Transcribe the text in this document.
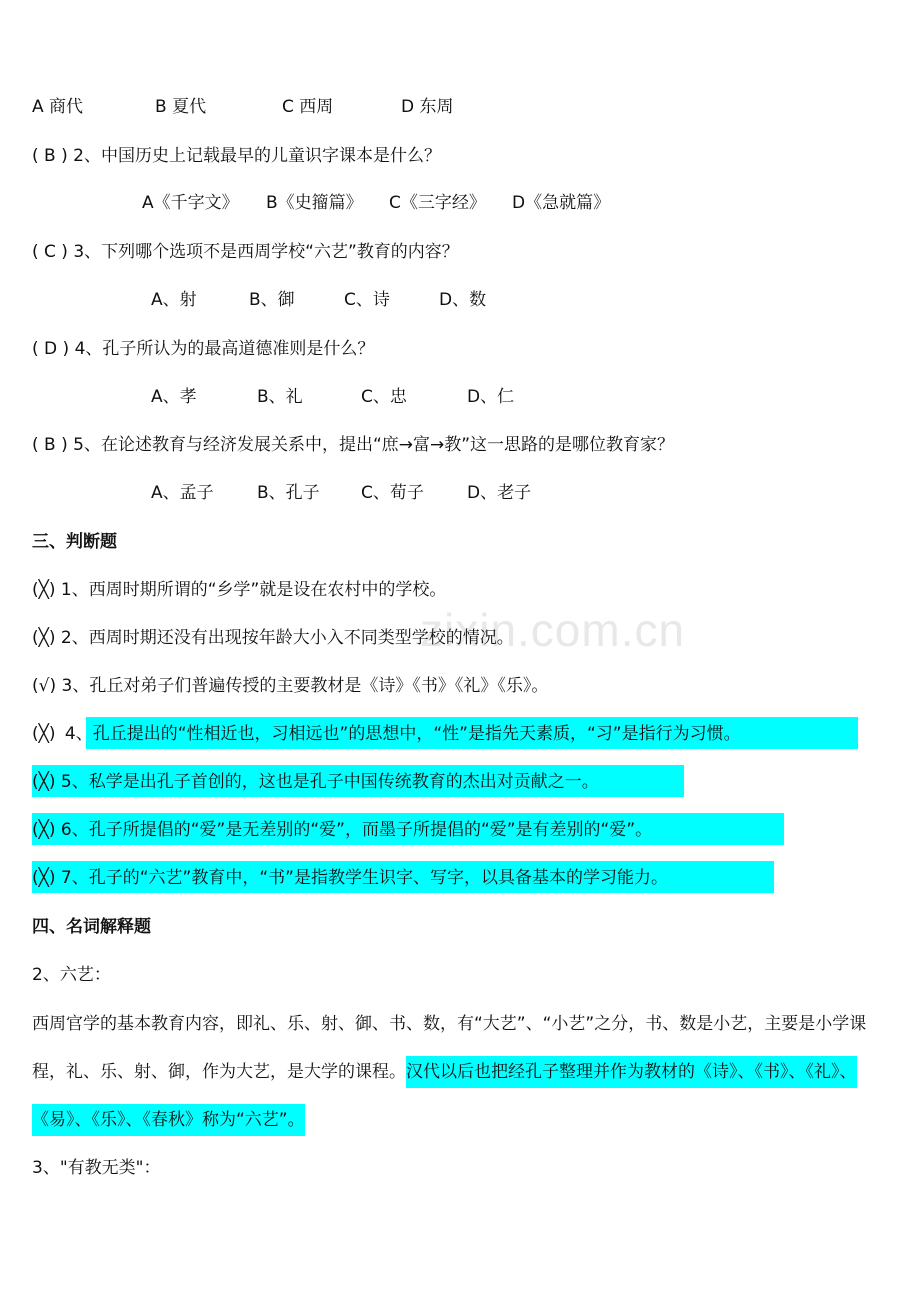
zixin.com.cn
A 商代	B 夏代	C 西周	D 东周
( B ) 2、中国历史上记载最早的儿童识字课本是什么？
A《千字文》 B《史籀篇》 C《三字经》 D《急就篇》
( C ) 3、下列哪个选项不是西周学校“六艺”教育的内容？
A、射	B、御	C、诗	D、数
( D ) 4、孔子所认为的最高道德准则是什么？
A、孝	B、礼	C、忠	D、仁
( B ) 5、在论述教育与经济发展关系中，提出“庶→富→教”这一思路的是哪位教育家？
A、孟子	B、孔子 C、荀子	D、老子
三、判断题
(╳) 1、西周时期所谓的“乡学”就是设在农村中的学校。
(╳) 2、西周时期还没有出现按年龄大小入不同类型学校的情况。
(√) 3、孔丘对弟子们普遍传授的主要教材是《诗》《书》《礼》《乐》。
(╳) 4、孔丘提出的“性相近也，习相远也”的思想中，“性”是指先天素质，“习”是指行为习惯。
(╳) 5、私学是出孔子首创的，这也是孔子中国传统教育的杰出对贡献之一。
(╳) 6、孔子所提倡的“爱”是无差别的“爱”，而墨子所提倡的“爱”是有差别的“爱”。
(╳) 7、孔子的“六艺”教育中，“书”是指教学生识字、写字，以具备基本的学习能力。
四、名词解释题
2、六艺：
西周官学的基本教育内容，即礼、乐、射、御、书、数，有“大艺”、“小艺”之分，书、数是小艺，主要是小学课程，礼、乐、射、御，作为大艺，是大学的课程。汉代以后也把经孔子整理并作为教材的《诗》、《书》、《礼》、《易》、《乐》、《春秋》称为“六艺”。
3、"有教无类"：
